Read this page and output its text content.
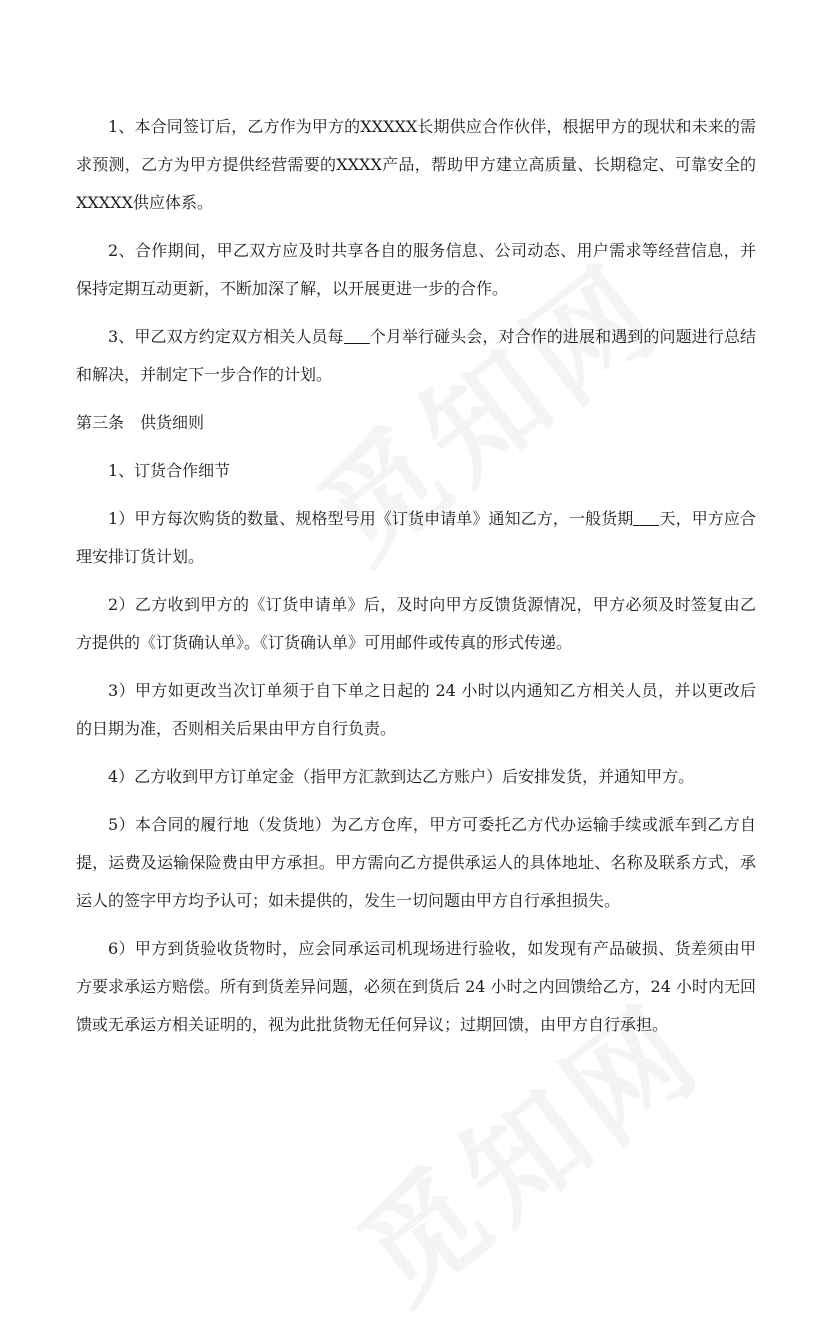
1、本合同签订后，乙方作为甲方的XXXXX长期供应合作伙伴，根据甲方的现状和未来的需求预测，乙方为甲方提供经营需要的XXXX产品，帮助甲方建立高质量、长期稳定、可靠安全的XXXXX供应体系。

2、合作期间，甲乙双方应及时共享各自的服务信息、公司动态、用户需求等经营信息，并保持定期互动更新，不断加深了解，以开展更进一步的合作。

3、甲乙双方约定双方相关人员每 个月举行碰头会，对合作的进展和遇到的问题进行总结和解决，并制定下一步合作的计划。

第三条　供货细则

1、订货合作细节

1）甲方每次购货的数量、规格型号用《订货申请单》通知乙方，一般货期 天，甲方应合理安排订货计划。

2）乙方收到甲方的《订货申请单》后，及时向甲方反馈货源情况，甲方必须及时签复由乙方提供的《订货确认单》。《订货确认单》可用邮件或传真的形式传递。

3）甲方如更改当次订单须于自下单之日起的 24 小时以内通知乙方相关人员，并以更改后的日期为准，否则相关后果由甲方自行负责。

4）乙方收到甲方订单定金（指甲方汇款到达乙方账户）后安排发货，并通知甲方。

5）本合同的履行地（发货地）为乙方仓库，甲方可委托乙方代办运输手续或派车到乙方自提，运费及运输保险费由甲方承担。甲方需向乙方提供承运人的具体地址、名称及联系方式，承运人的签字甲方均予认可；如未提供的，发生一切问题由甲方自行承担损失。

6）甲方到货验收货物时，应会同承运司机现场进行验收，如发现有产品破损、货差须由甲方要求承运方赔偿。所有到货差异问题，必须在到货后 24 小时之内回馈给乙方，24 小时内无回馈或无承运方相关证明的，视为此批货物无任何异议；过期回馈，由甲方自行承担。
